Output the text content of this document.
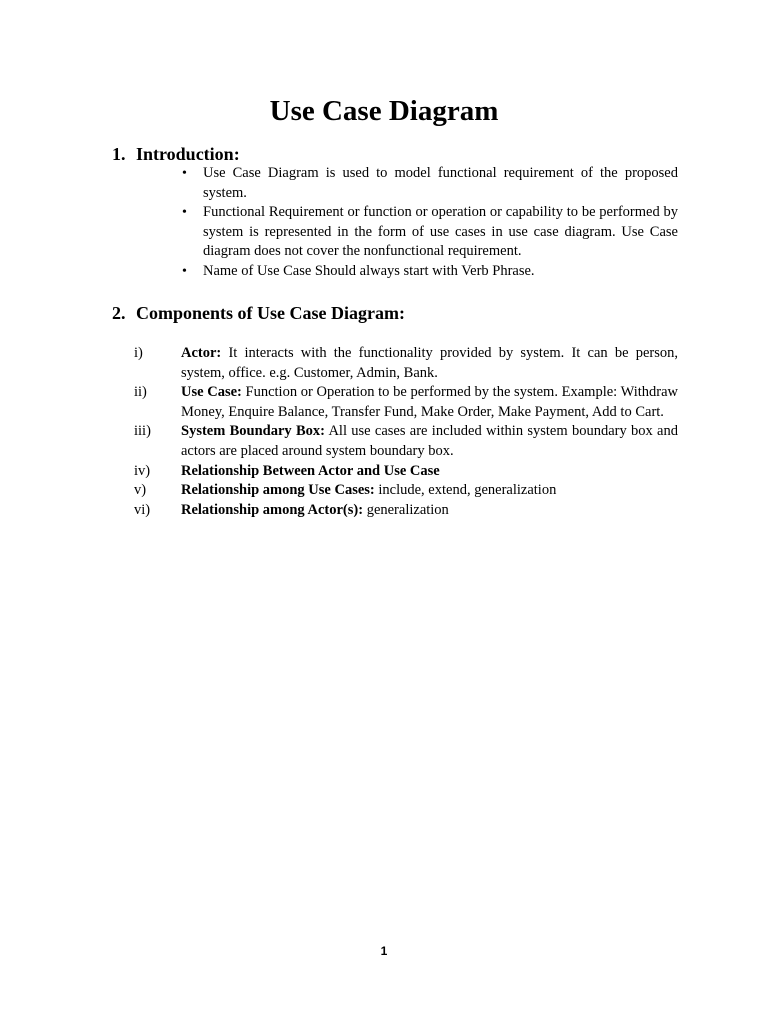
Use Case Diagram
1. Introduction:
• Use Case Diagram is used to model functional requirement of the proposed system.
• Functional Requirement or function or operation or capability to be performed by system is represented in the form of use cases in use case diagram. Use Case diagram does not cover the nonfunctional requirement.
• Name of Use Case Should always start with Verb Phrase.
2. Components of Use Case Diagram:
i)	Actor: It interacts with the functionality provided by system. It can be person, system, office. e.g. Customer, Admin, Bank.
ii) Use Case: Function or Operation to be performed by the system. Example: Withdraw Money, Enquire Balance, Transfer Fund, Make Order, Make Payment, Add to Cart.
iii) System Boundary Box: All use cases are included within system boundary box and actors are placed around system boundary box.
iv) Relationship Between Actor and Use Case
v) Relationship among Use Cases: include, extend, generalization
vi) Relationship among Actor(s): generalization
1
